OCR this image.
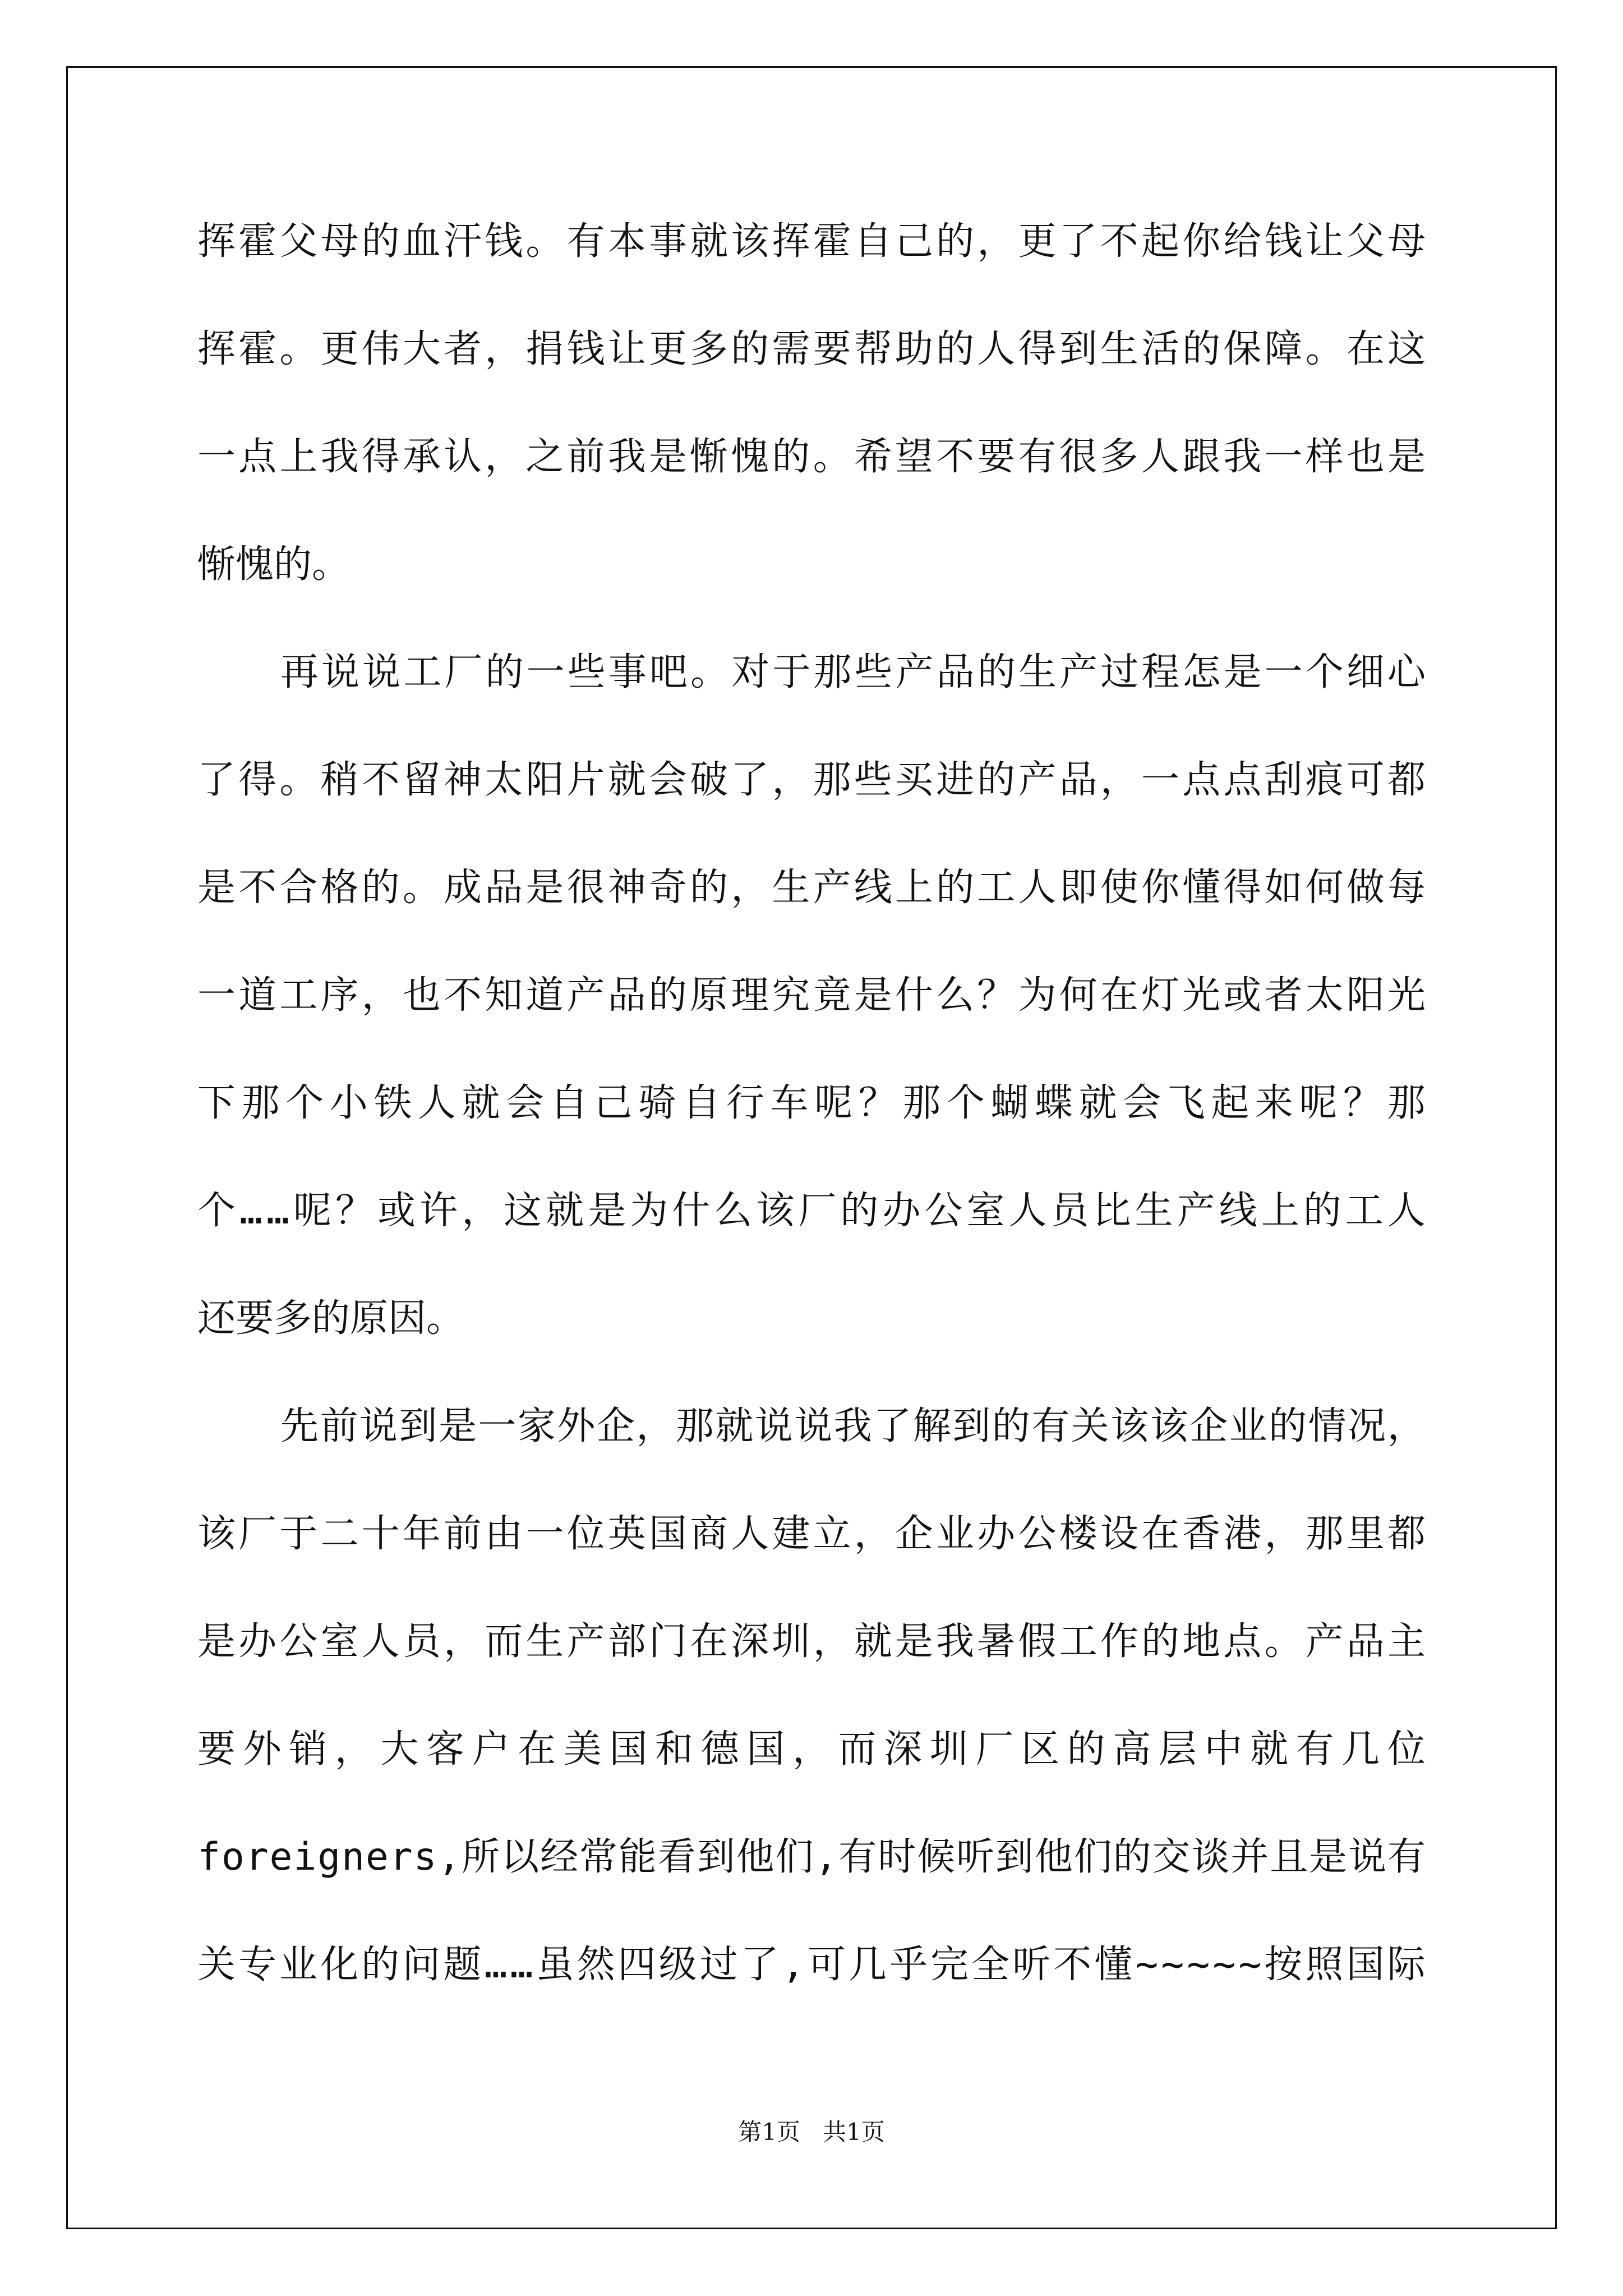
挥 霍 父 母 的 血 汗 钱 。 有 本 事 就 该 挥 霍 自 己 的 ， 更 了 不 起 你 给 钱 让 父 母
挥 霍 。 更 伟 大 者 ， 捐 钱 让 更 多 的 需 要 帮 助 的 人 得 到 生 活 的 保 障 。 在 这
一 点 上 我 得 承 认 ， 之 前 我 是 惭 愧 的 。 希 望 不 要 有 很 多 人 跟 我 一 样 也 是
惭愧的。
再 说 说 工 厂 的 一 些 事 吧 。 对 于 那 些 产 品 的 生 产 过 程 怎 是 一 个 细 心
了 得 。 稍 不 留 神 太 阳 片 就 会 破 了 ， 那 些 买 进 的 产 品 ， 一 点 点 刮 痕 可 都
是 不 合 格 的 。 成 品 是 很 神 奇 的 ， 生 产 线 上 的 工 人 即 使 你 懂 得 如 何 做 每
一 道 工 序 ， 也 不 知 道 产 品 的 原 理 究 竟 是 什 么 ？ 为 何 在 灯 光 或 者 太 阳 光
下 那 个 小 铁 人 就 会 自 己 骑 自 行 车 呢 ？ 那 个 蝴 蝶 就 会 飞 起 来 呢 ？ 那
个 … … 呢 ？ 或 许 ， 这 就 是 为 什 么 该 厂 的 办 公 室 人 员 比 生 产 线 上 的 工 人
还要多的原因。
先 前 说 到 是 一 家 外 企 ， 那 就 说 说 我 了 解 到 的 有 关 该 该 企 业 的 情 况 ，
该 厂 于 二 十 年 前 由 一 位 英 国 商 人 建 立 ， 企 业 办 公 楼 设 在 香 港 ， 那 里 都
是 办 公 室 人 员 ， 而 生 产 部 门 在 深 圳 ， 就 是 我 暑 假 工 作 的 地 点 。 产 品 主
要 外 销 ， 大 客 户 在 美 国 和 德 国 ， 而 深 圳 厂 区 的 高 层 中 就 有 几 位
f o r e i g n e r s , 所 以 经 常 能 看 到 他 们 , 有 时 候 听 到 他 们 的 交 谈 并 且 是 说 有
关 专 业 化 的 问 题 … … 虽 然 四 级 过 了 , 可 几 乎 完 全 听 不 懂 ~ ~ ~ ~ ~ 按 照 国 际
第1页   共1页
